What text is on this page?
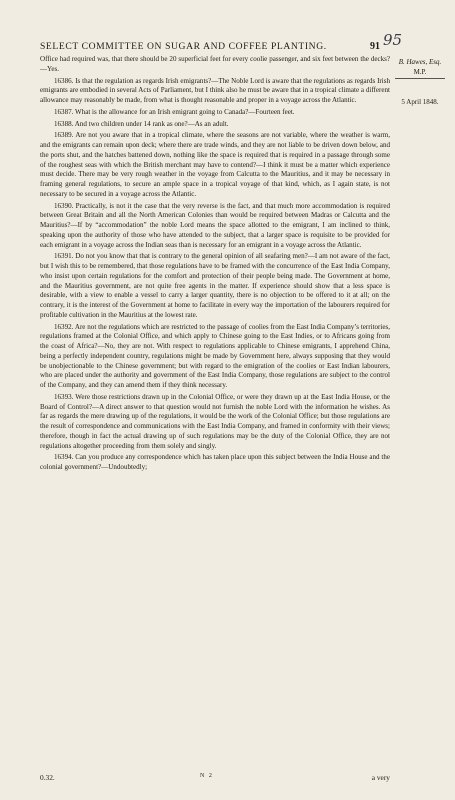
SELECT COMMITTEE ON SUGAR AND COFFEE PLANTING.	91 95
B. Hawes, Esq.
M.P.
5 April 1848.

Office had required was, that there should be 20 superficial feet for every coolie passenger, and six feet between the decks?—Yes.

16386. Is that the regulation as regards Irish emigrants?—The Noble Lord is aware that the regulations as regards Irish emigrants are embodied in several Acts of Parliament, but I think also he must be aware that in a tropical climate a different allowance may reasonably be made, from what is thought reasonable and proper in a voyage across the Atlantic.

16387. What is the allowance for an Irish emigrant going to Canada?—Fourteen feet.

16388. And two children under 14 rank as one?—As an adult.

16389. Are not you aware that in a tropical climate, where the seasons are not variable, where the weather is warm, and the emigrants can remain upon deck; where there are trade winds, and they are not liable to be driven down below, and the ports shut, and the hatches battened down, nothing like the space is required that is required in a passage through some of the roughest seas with which the British merchant may have to contend?—I think it must be a matter which experience must decide. There may be very rough weather in the voyage from Calcutta to the Mauritius, and it may be necessary in framing general regulations, to secure an ample space in a tropical voyage of that kind, which, as I again state, is not necessary to be secured in a voyage across the Atlantic.

16390. Practically, is not it the case that the very reverse is the fact, and that much more accommodation is required between Great Britain and all the North American Colonies than would be required between Madras or Calcutta and the Mauritius?—If by “accommodation” the noble Lord means the space allotted to the emigrant, I am inclined to think, speaking upon the authority of those who have attended to the subject, that a larger space is requisite to be provided for each emigrant in a voyage across the Indian seas than is necessary for an emigrant in a voyage across the Atlantic.

16391. Do not you know that that is contrary to the general opinion of all seafaring men?—I am not aware of the fact, but I wish this to be remembered, that those regulations have to be framed with the concurrence of the East India Company, who insist upon certain regulations for the comfort and protection of their people being made. The Government at home, and the Mauritius government, are not quite free agents in the matter. If experience should show that a less space is desirable, with a view to enable a vessel to carry a larger quantity, there is no objection to be offered to it at all; on the contrary, it is the interest of the Government at home to facilitate in every way the importation of the labourers required for profitable cultivation in the Mauritius at the lowest rate.

16392. Are not the regulations which are restricted to the passage of coolies from the East India Company’s territories, regulations framed at the Colonial Office, and which apply to Chinese going to the East Indies, or to Africans going from the coast of Africa?—No, they are not. With respect to regulations applicable to Chinese emigrants, I apprehend China, being a perfectly independent country, regulations might be made by Government here, always supposing that they would be unobjectionable to the Chinese government; but with regard to the emigration of the coolies or East Indian labourers, who are placed under the authority and government of the East India Company, those regulations are subject to the control of the Company, and they can amend them if they think necessary.

16393. Were those restrictions drawn up in the Colonial Office, or were they drawn up at the East India House, or the Board of Control?—A direct answer to that question would not furnish the noble Lord with the information he wishes. As far as regards the mere drawing up of the regulations, it would be the work of the Colonial Office; but those regulations are the result of correspondence and communications with the East India Company, and framed in conformity with their views; therefore, though in fact the actual drawing up of such regulations may be the duty of the Colonial Office, they are not regulations altogether proceeding from them solely and singly.

16394. Can you produce any correspondence which has taken place upon this subject between the India House and the colonial government?—Undoubtedly;

0.32.	N 2	a very
